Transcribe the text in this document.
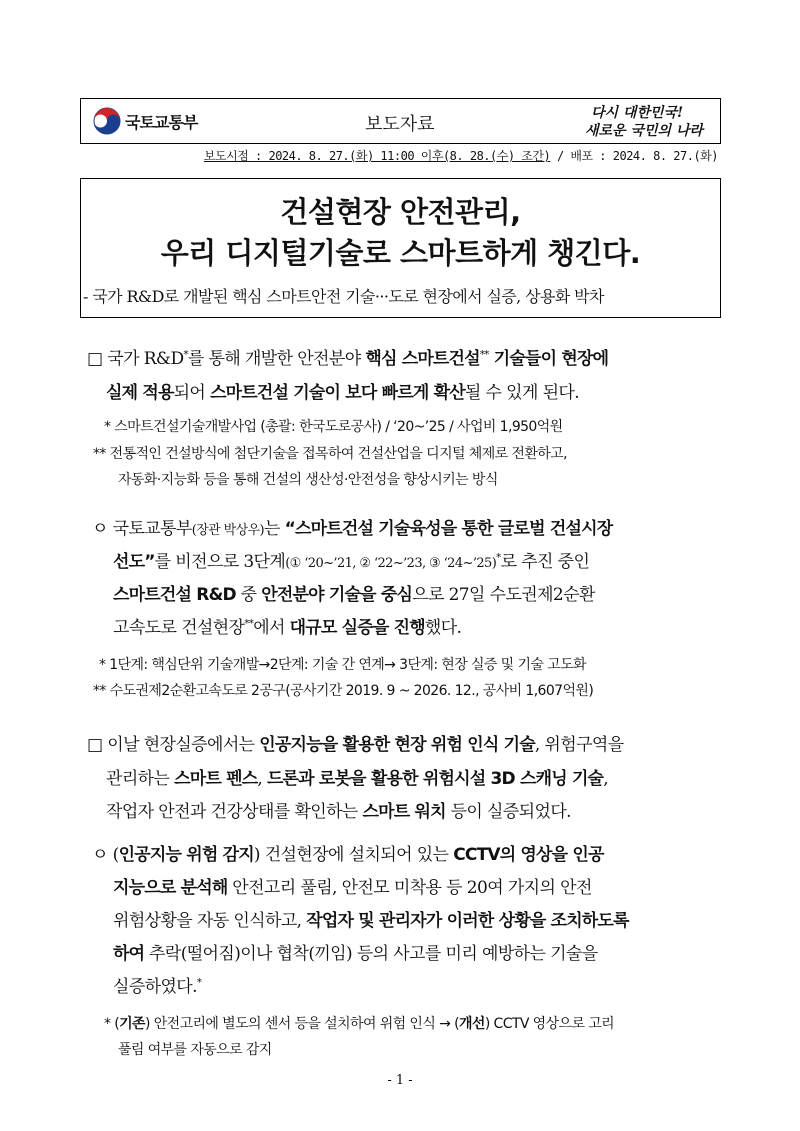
국토교통부	보도자료
다시 대한민국!
새로운 국민의 나라
보도시점 : 2024. 8. 27.(화) 11:00 이후(8. 28.(수) 조간) / 배포 : 2024. 8. 27.(화)
건설현장 안전관리,
우리 디지털기술로 스마트하게 챙긴다.
- 국가 R&D로 개발된 핵심 스마트안전 기술···도로 현장에서 실증, 상용화 박차
□ 국가 R&D*를 통해 개발한 안전분야 핵심 스마트건설** 기술들이 현장에
실제 적용되어 스마트건설 기술이 보다 빠르게 확산될 수 있게 된다.
* 스마트건설기술개발사업 (총괄: 한국도로공사) / ‘20~’25 / 사업비 1,950억원
** 전통적인 건설방식에 첨단기술을 접목하여 건설산업을 디지털 체제로 전환하고,
자동화·지능화 등을 통해 건설의 생산성·안전성을 향상시키는 방식
ㅇ 국토교통부(장관 박상우)는 “스마트건설 기술육성을 통한 글로벌 건설시장
선도”를 비전으로 3단계(① ‘20~’21, ② ‘22~’23, ③ ‘24~’25)*로 추진 중인
스마트건설 R&D 중 안전분야 기술을 중심으로 27일 수도권제2순환
고속도로 건설현장**에서 대규모 실증을 진행했다.
* 1단계: 핵심단위 기술개발→2단계: 기술 간 연계→ 3단계: 현장 실증 및 기술 고도화
** 수도권제2순환고속도로 2공구(공사기간 2019. 9 ~ 2026. 12., 공사비 1,607억원)
□ 이날 현장실증에서는 인공지능을 활용한 현장 위험 인식 기술, 위험구역을
관리하는 스마트 펜스, 드론과 로봇을 활용한 위험시설 3D 스캐닝 기술,
작업자 안전과 건강상태를 확인하는 스마트 워치 등이 실증되었다.
ㅇ (인공지능 위험 감지) 건설현장에 설치되어 있는 CCTV의 영상을 인공
지능으로 분석해 안전고리 풀림, 안전모 미착용 등 20여 가지의 안전
위험상황을 자동 인식하고, 작업자 및 관리자가 이러한 상황을 조치하도록
하여 추락(떨어짐)이나 협착(끼임) 등의 사고를 미리 예방하는 기술을
실증하였다.*
* (기존) 안전고리에 별도의 센서 등을 설치하여 위험 인식 → (개선) CCTV 영상으로 고리
풀림 여부를 자동으로 감지
- 1 -
